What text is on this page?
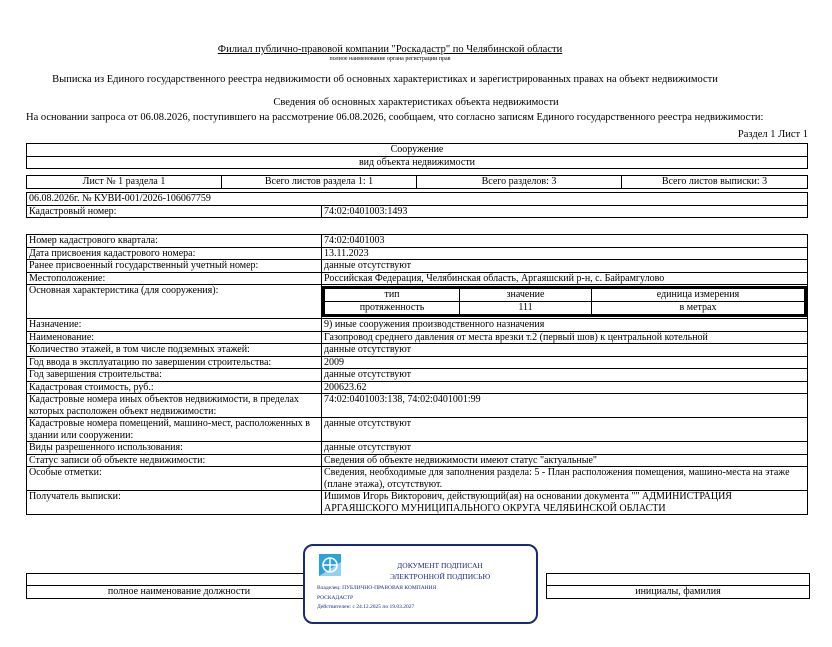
Филиал публично-правовой компании "Роскадастр" по Челябинской области
полное наименование органа регистрации прав
Выписка из Единого государственного реестра недвижимости об основных характеристиках и зарегистрированных правах на объект недвижимости
Сведения об основных характеристиках объекта недвижимости
На основании запроса от 06.08.2026, поступившего на рассмотрение 06.08.2026, сообщаем, что согласно записям Единого государственного реестра недвижимости:
Раздел 1 Лист 1
Сооружение
вид объекта недвижимости
Лист № 1 раздела 1	Всего листов раздела 1: 1	Всего разделов: 3	Всего листов выписки: 3
06.08.2026г. № КУВИ-001/2026-106067759
Кадастровый номер:	74:02:0401003:1493
Номер кадастрового квартала:	74:02:0401003
Дата присвоения кадастрового номера:	13.11.2023
Ранее присвоенный государственный учетный номер:	данные отсутствуют
Местоположение:	Российская Федерация, Челябинская область, Аргаяшский р-н, с. Байрамгулово
Основная характеристика (для сооружения):		тип	значение	единица измерения
протяженность	111	в метрах

Назначение:	9) иные сооружения производственного назначения
Наименование:	Газопровод среднего давления от места врезки т.2 (первый шов) к центральной котельной
Количество этажей, в том числе подземных этажей:	данные отсутствуют
Год ввода в эксплуатацию по завершении строительства:	2009
Год завершения строительства:	данные отсутствуют
Кадастровая стоимость, руб.:	200623.62
Кадастровые номера иных объектов недвижимости, в пределах которых расположен объект недвижимости:	74:02:0401003:138, 74:02:0401001:99
Кадастровые номера помещений, машино-мест, расположенных в здании или сооружении:	данные отсутствуют
Виды разрешенного использования:	данные отсутствуют
Статус записи об объекте недвижимости:	Сведения об объекте недвижимости имеют статус "актуальные"
Особые отметки:	Сведения, необходимые для заполнения раздела: 5 - План расположения помещения, машино-места на этаже (плане этажа), отсутствуют.
Получатель выписки:	Ишимов Игорь Викторович, действующий(ая) на основании документа "" АДМИНИСТРАЦИЯ АРГАЯШСКОГО МУНИЦИПАЛЬНОГО ОКРУГА ЧЕЛЯБИНСКОЙ ОБЛАСТИ

полное наименование должности		инициалы, фамилия
ДОКУМЕНТ ПОДПИСАН
ЭЛЕКТРОННОЙ ПОДПИСЬЮ
Владелец: ПУБЛИЧНО-ПРАВОВАЯ КОМПАНИЯ
РОСКАДАСТР
Действителен: с 24.12.2025 по 19.03.2027
